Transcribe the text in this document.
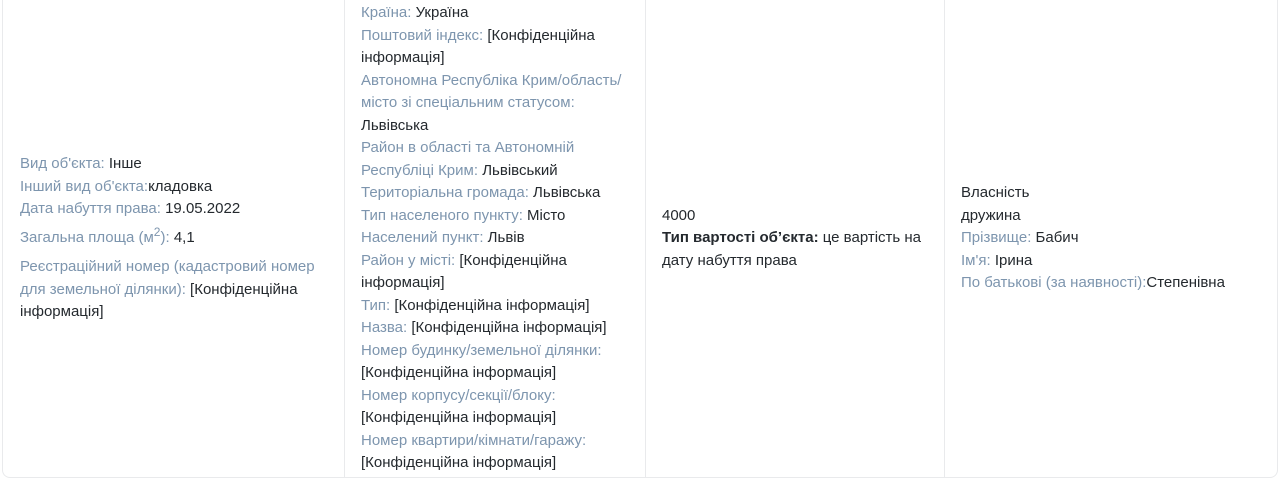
Вид об'єкта: Інше
Інший вид об'єкта:кладовка
Дата набуття права: 19.05.2022
Загальна площа $(м^2)$: 4,1
Реєстраційний номер (кадастровий номер для земельної ділянки): [Конфіденційна інформація]
Країна: Україна
Поштовий індекс: [Конфіденційна інформація]
Автономна Республіка Крим/область/місто зі спеціальним статусом: Львівська
Район в області та Автономній Республіці Крим: Львівський
Територіальна громада: Львівська
Тип населеного пункту: Місто
Населений пункт: Львів
Район у місті: [Конфіденційна інформація]
Тип: [Конфіденційна інформація]
Назва: [Конфіденційна інформація]
Номер будинку/земельної ділянки: [Конфіденційна інформація]
Номер корпусу/секції/блоку: [Конфіденційна інформація]
Номер квартири/кімнати/гаражу: [Конфіденційна інформація]
4000
Тип вартості об’єкта: це вартість на дату набуття права
Власність
дружина
Прізвище: Бабич
Ім'я: Ірина
По батькові (за наявності):Степенівна
